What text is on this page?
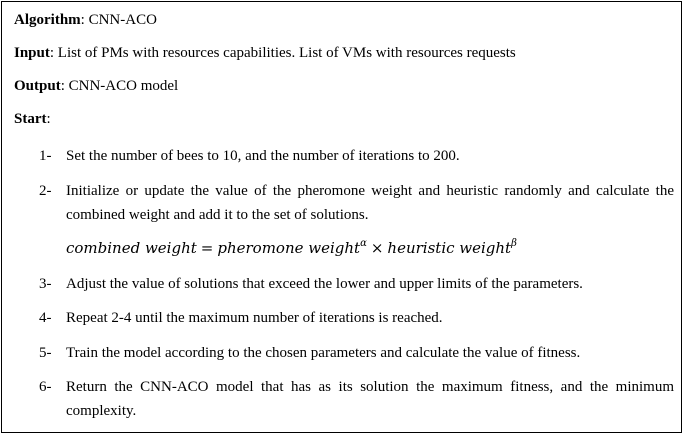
Algorithm: CNN-ACO
Input: List of PMs with resources capabilities. List of VMs with resources requests
Output: CNN-ACO model
Start:
1- Set the number of bees to 10, and the number of iterations to 200.
2- Initialize or update the value of the pheromone weight and heuristic randomly and calculate the
combined weight and add it to the set of solutions.
combined weight = pheromone weight$^\alpha$ × heuristic weight$^\beta$
3- Adjust the value of solutions that exceed the lower and upper limits of the parameters.
4- Repeat 2-4 until the maximum number of iterations is reached.
5- Train the model according to the chosen parameters and calculate the value of fitness.
6- Return the CNN-ACO model that has as its solution the maximum fitness, and the minimum
complexity.
